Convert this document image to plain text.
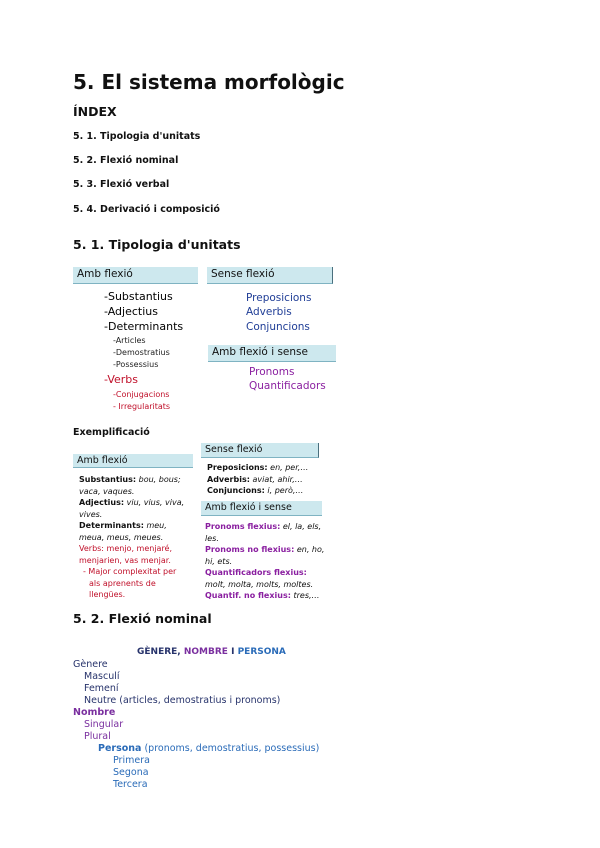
5. El sistema morfològic
ÍNDEX
5. 1. Tipologia d'unitats
5. 2. Flexió nominal
5. 3. Flexió verbal
5. 4. Derivació i composició
5. 1. Tipologia d'unitats
Amb flexió	Sense flexió
-Substantius
-Adjectius
-Determinants
-Articles
-Demostratius
-Possessius
-Verbs
-Conjugacions
- Irregularitats
Preposicions
Adverbis
Conjuncions
Amb flexió i sense
Pronoms
Quantificadors
Exemplificació
Sense flexió
Amb flexió
Substantius: bou, bous;
vaca, vaques.
Adjectius: viu, vius, viva,
vives.
Determinants: meu,
meua, meus, meues.
Verbs: menjo, menjaré,
menjarien, vas menjar.
- Major complexitat per
als aprenents de
llengües.
Preposicions: en, per,…
Adverbis: aviat, ahir,…
Conjuncions: i, però,…
Amb flexió i sense
Pronoms flexius: el, la, els,
les.
Pronoms no flexius: en, ho,
hi, ets.
Quantificadors flexius:
molt, molta, molts, moltes.
Quantif. no flexius: tres,…
5. 2. Flexió nominal
GÈNERE, NOMBRE I PERSONA
Gènere
Masculí
Femení
Neutre (articles, demostratius i pronoms)
Nombre
Singular
Plural
Persona (pronoms, demostratius, possessius)
Primera
Segona
Tercera
